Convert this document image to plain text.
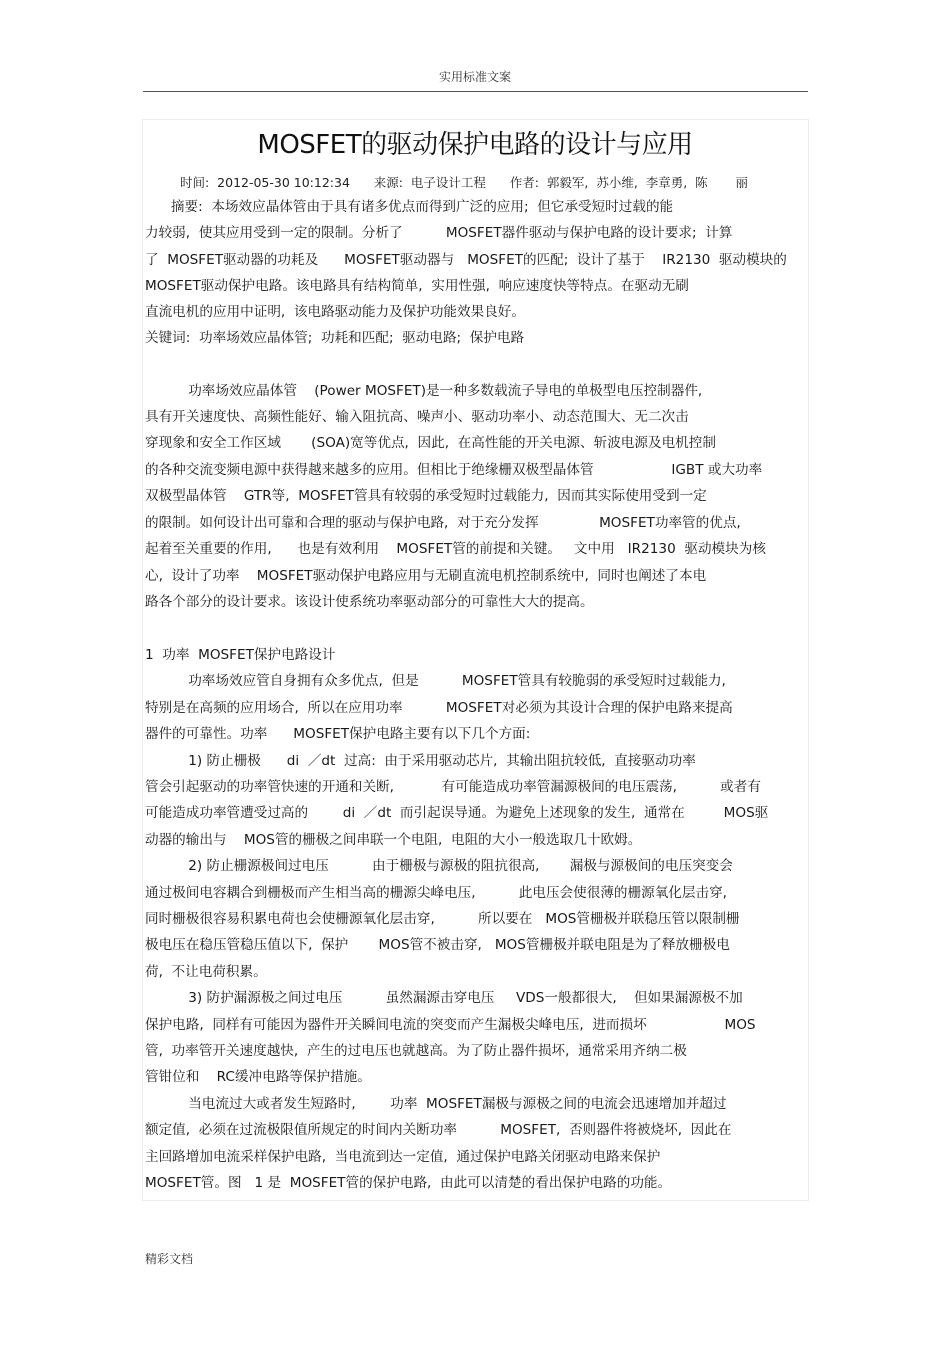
实用标准文案
MOSFET的驱动保护电路的设计与应用
时间:  2012-05-30 10:12:34      来源:  电子设计工程      作者:  郭毅军,  苏小维,  李章勇,  陈       丽
摘要:  本场效应晶体管由于具有诸多优点而得到广泛的应用;  但它承受短时过载的能
力较弱,  使其应用受到一定的限制。分析了          MOSFET器件驱动与保护电路的设计要求;  计算
了  MOSFET驱动器的功耗及      MOSFET驱动器与   MOSFET的匹配;  设计了基于    IR2130  驱动模块的
MOSFET驱动保护电路。该电路具有结构简单,  实用性强,  响应速度快等特点。在驱动无刷
直流电机的应用中证明,  该电路驱动能力及保护功能效果良好。
关键词:  功率场效应晶体管;  功耗和匹配;  驱动电路;  保护电路
功率场效应晶体管    (Power MOSFET)是一种多数载流子导电的单极型电压控制器件,
具有开关速度快、高频性能好、输入阻抗高、噪声小、驱动功率小、动态范围大、无二次击
穿现象和安全工作区域       (SOA)宽等优点,  因此,  在高性能的开关电源、斩波电源及电机控制
的各种交流变频电源中获得越来越多的应用。但相比于绝缘栅双极型晶体管                  IGBT 或大功率
双极型晶体管    GTR等,  MOSFET管具有较弱的承受短时过载能力,  因而其实际使用受到一定
的限制。如何设计出可靠和合理的驱动与保护电路,  对于充分发挥              MOSFET功率管的优点,
起着至关重要的作用,      也是有效利用    MOSFET管的前提和关键。   文中用   IR2130  驱动模块为核
心,  设计了功率    MOSFET驱动保护电路应用与无刷直流电机控制系统中,  同时也阐述了本电
路各个部分的设计要求。该设计使系统功率驱动部分的可靠性大大的提高。
1  功率  MOSFET保护电路设计
功率场效应管自身拥有众多优点,  但是          MOSFET管具有较脆弱的承受短时过载能力,
特别是在高频的应用场合,  所以在应用功率          MOSFET对必须为其设计合理的保护电路来提高
器件的可靠性。功率      MOSFET保护电路主要有以下几个方面:
1) 防止栅极      di  ／dt  过高:  由于采用驱动芯片,  其输出阻抗较低,  直接驱动功率
管会引起驱动的功率管快速的开通和关断,           有可能造成功率管漏源极间的电压震荡,          或者有
可能造成功率管遭受过高的        di  ／dt  而引起误导通。为避免上述现象的发生,  通常在         MOS驱
动器的输出与    MOS管的栅极之间串联一个电阻,  电阻的大小一般选取几十欧姆。
2) 防止栅源极间过电压          由于栅极与源极的阻抗很高,       漏极与源极间的电压突变会
通过极间电容耦合到栅极而产生相当高的栅源尖峰电压,          此电压会使很薄的栅源氧化层击穿,
同时栅极很容易积累电荷也会使栅源氧化层击穿,          所以要在   MOS管栅极并联稳压管以限制栅
极电压在稳压管稳压值以下,  保护       MOS管不被击穿,   MOS管栅极并联电阻是为了释放栅极电
荷,  不让电荷积累。
3) 防护漏源极之间过电压          虽然漏源击穿电压     VDS一般都很大,    但如果漏源极不加
保护电路,  同样有可能因为器件开关瞬间电流的突变而产生漏极尖峰电压,  进而损坏                  MOS
管,  功率管开关速度越快,  产生的过电压也就越高。为了防止器件损坏,  通常采用齐纳二极
管钳位和    RC缓冲电路等保护措施。
当电流过大或者发生短路时,        功率  MOSFET漏极与源极之间的电流会迅速增加并超过
额定值,  必须在过流极限值所规定的时间内关断功率          MOSFET,  否则器件将被烧坏,  因此在
主回路增加电流采样保护电路,  当电流到达一定值,  通过保护电路关闭驱动电路来保护
MOSFET管。图   1 是  MOSFET管的保护电路,  由此可以清楚的看出保护电路的功能。
精彩文档
